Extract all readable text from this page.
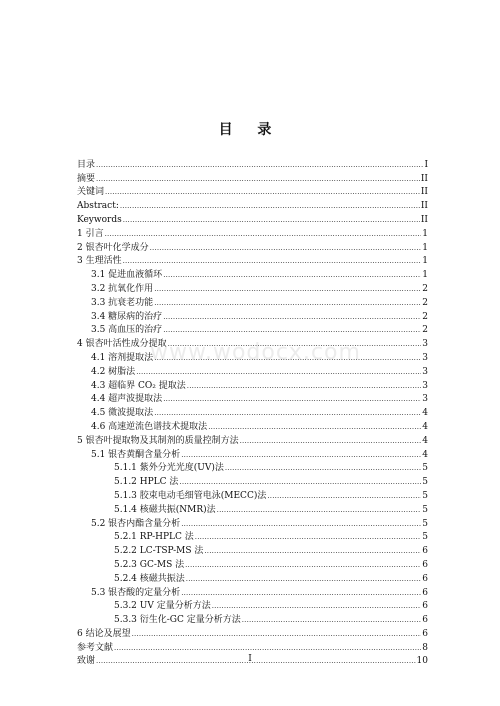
目 录
目录 .....	I
摘要 .....	II
关键词 .....	II
Abstract: .....	II
Keywords .....	II
1 引言 .....	1
2 银杏叶化学成分 .....	1
3 生理活性 .....	1
3.1 促进血液循环 .....	1
3.2 抗氧化作用 .....	2
3.3 抗衰老功能 .....	2
3.4 糖尿病的治疗 .....	2
3.5 高血压的治疗 .....	2
4 银杏叶活性成分提取 .....	3
4.1 溶剂提取法 .....	3
4.2 树脂法 .....	3
4.3 超临界 CO₂ 提取法 .....	3
4.4 超声波提取法 .....	3
4.5 微波提取法 .....	4
4.6 高速逆流色谱技术提取法 .....	4
5 银杏叶提取物及其制剂的质量控制方法 .....	4
5.1 银杏黄酮含量分析 .....	4
5.1.1 紫外分光光度(UV)法 .....	5
5.1.2 HPLC 法 .....	5
5.1.3 胶束电动毛细管电泳(MECC)法 .....	5
5.1.4 核磁共振(NMR)法 .....	5
5.2 银杏内酯含量分析 .....	5
5.2.1 RP-HPLC 法 .....	5
5.2.2 LC-TSP-MS 法 .....	6
5.2.3 GC-MS 法 .....	6
5.2.4 核磁共振法 .....	6
5.3 银杏酸的定量分析 .....	6
5.3.2 UV 定量分析方法 .....	6
5.3.3 衍生化-GC 定量分析方法 .....	6
6 结论及展望 .....	6
参考文献 .....	8
致谢 .....	10
www.wodocx.com
I
